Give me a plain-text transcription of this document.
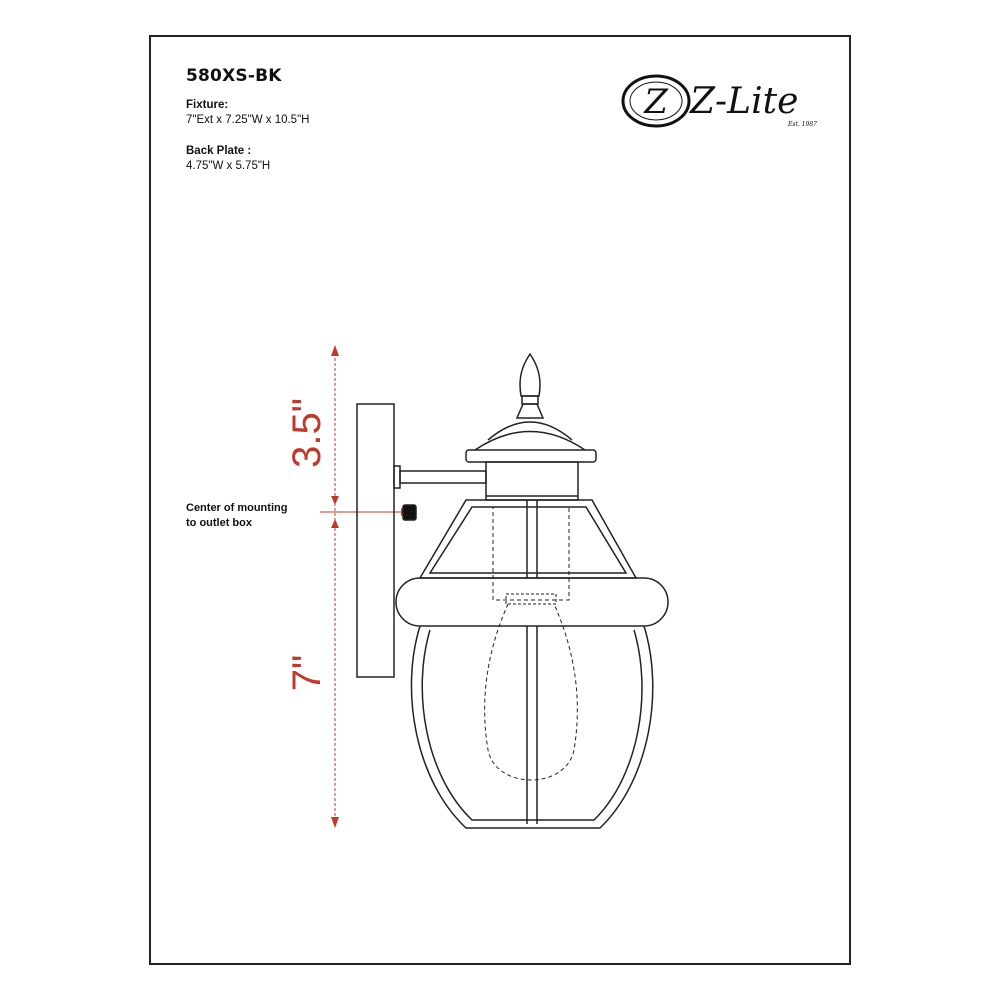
580XS-BK
Fixture:
7"Ext x 7.25"W x 10.5"H
Back Plate :
4.75"W x 5.75"H
Center of mounting
to outlet box
Z Z-Lite
Est. 1987
3.5"
7"
